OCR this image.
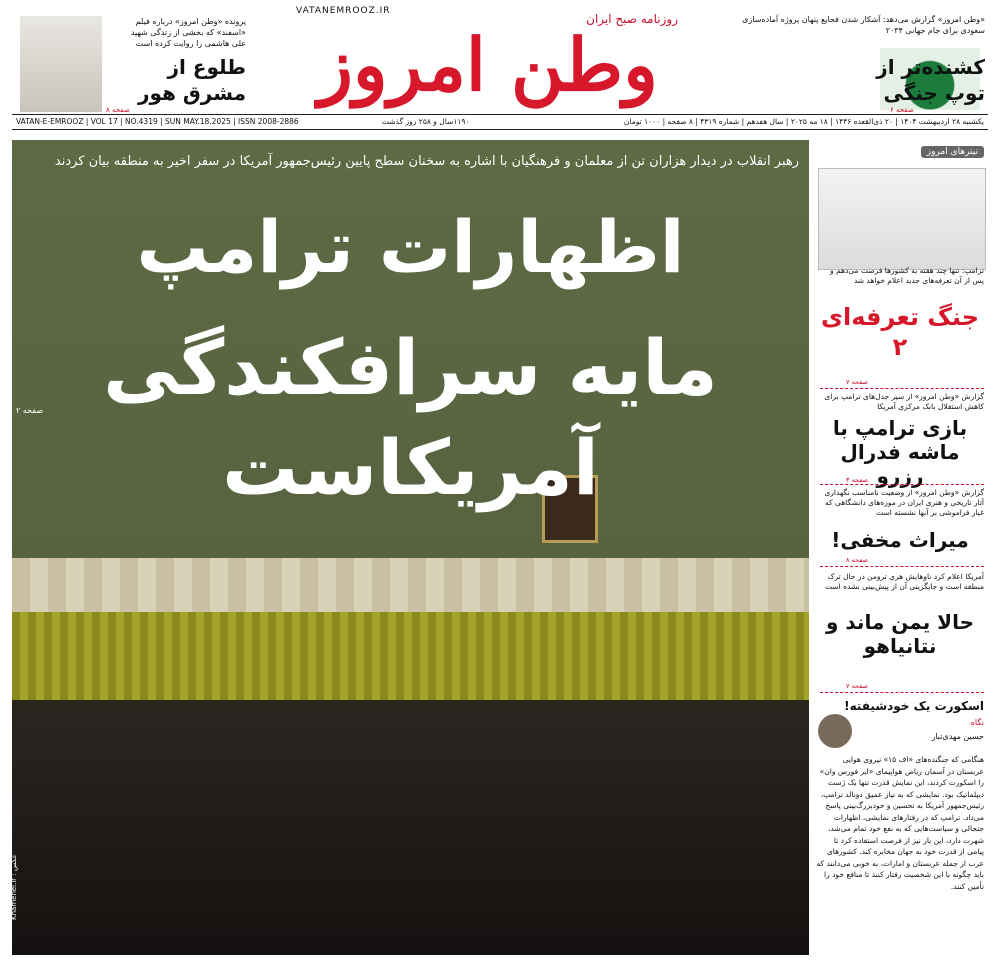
پرونده «وطن امروز» درباره فیلم «اسفند» که بخشی از زندگی شهید علی هاشمی را روایت کرده است
طلوع از مشرق هور
صفحه ۸
VATANEMROOZ.IR
روزنامه صبح ایران
وطن امروز
«وطن امروز» گزارش می‌دهد: آشکار شدن فجایع پنهان پروژه آماده‌سازی سعودی برای جام جهانی ۲۰۳۴
کشنده‌تر از توپ جنگی
صفحه ۶
VATAN-E-EMROOZ | VOL 17 | NO.4319 | SUN MAY.18.2025 | ISSN 2008-2886	۱۱۹۰سال و ۲۵۸ روز گذشت	یکشنبه ۲۸ اردیبهشت ۱۴۰۴ | ۲۰ ذی‌القعده ۱۴۴۶ | ۱۸ مه ۲۰۲۵ | سال هفدهم | شماره ۴۳۱۹ | ۸ صفحه | ۱۰۰۰ تومان
رهبر انقلاب در دیدار هزاران تن از معلمان و فرهنگیان با اشاره به سخنان سطح پایین رئیس‌جمهور آمریکا در سفر اخیر به منطقه بیان کردند
اظهارات ترامپ
مایه سرافکندگی آمریکاست
صفحه ۲
Khamenei.ir : عکس
تیترهای امروز
ترامپ: تنها چند هفته به کشورها فرصت می‌دهم و پس از آن تعرفه‌های جدید اعلام خواهد شد
جنگ تعرفه‌ای ۲
صفحه ۷
گزارش «وطن امروز» از سیر جدل‌های ترامپ برای کاهش استقلال بانک مرکزی آمریکا
بازی ترامپ با ماشه فدرال رزرو
صفحه ۳
گزارش «وطن امروز» از وضعیت نامناسب نگهداری آثار تاریخی و هنری ایران در موزه‌های دانشگاهی که غبار فراموشی بر آنها نشسته است
میراث مخفی!
صفحه ۸
آمریکا اعلام کرد ناوهایش هری ترومن در حال ترک منطقه است و جایگزینی آن از پیش‌بینی نشده است
حالا یمن ماند و نتانیاهو
صفحه ۷
اسکورت یک خودشیفته!
نگاه
حسین مهدی‌تبار
هنگامی که جنگنده‌های «اف ۱۵» نیروی هوایی عربستان در آسمان ریاض هواپیمای «ایر فورس وان» را اسکورت کردند، این نمایش قدرت تنها یک ژست دیپلماتیک بود. نمایشی که به نیاز عمیق دونالد ترامپ، رئیس‌جمهور آمریکا به تحسین و خودبزرگ‌بینی پاسخ می‌داد. ترامپ که در رفتارهای نمایشی، اظهارات جنجالی و سیاست‌هایی که به نفع خود تمام می‌شد، شهرت دارد، این بار نیز از فرصت استفاده کرد تا پیامی از قدرت خود به جهان مخابره کند. کشورهای عرب از جمله عربستان و امارات، به خوبی می‌دانند که باید چگونه با این شخصیت رفتار کنند تا منافع خود را تأمین کنند.
